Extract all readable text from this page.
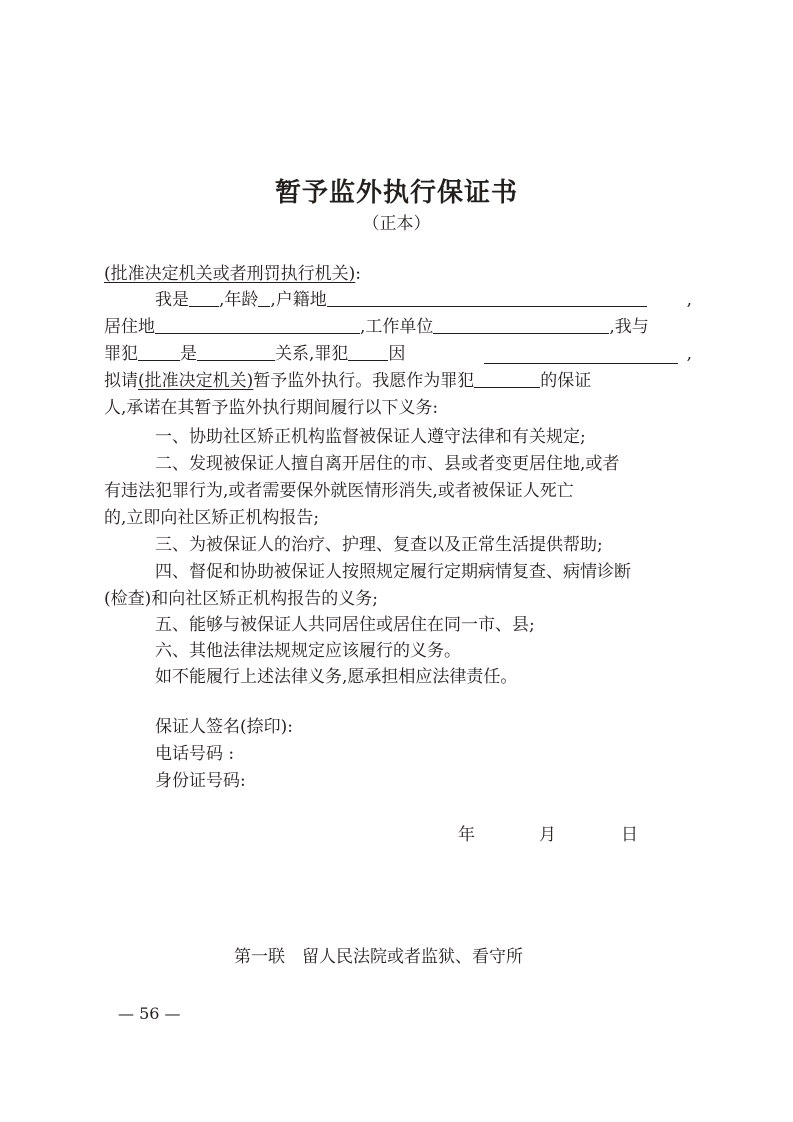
暂予监外执行保证书
（正本）
(批准决定机关或者刑罚执行机关):
我是 ,年龄 ,户籍地	,
居住地	,工作单位	,我与
罪犯 是	关系,罪犯 因	,
拟请(批准决定机关)暂予监外执行。我愿作为罪犯	的保证
人,承诺在其暂予监外执行期间履行以下义务:
一、协助社区矫正机构监督被保证人遵守法律和有关规定;
二、发现被保证人擅自离开居住的市、县或者变更居住地,或者
有违法犯罪行为,或者需要保外就医情形消失,或者被保证人死亡
的,立即向社区矫正机构报告;
三、为被保证人的治疗、护理、复查以及正常生活提供帮助;
四、督促和协助被保证人按照规定履行定期病情复查、病情诊断
(检查)和向社区矫正机构报告的义务;
五、能够与被保证人共同居住或居住在同一市、县;
六、其他法律法规规定应该履行的义务。
如不能履行上述法律义务,愿承担相应法律责任。
保证人签名(捺印):
电话号码 :
身份证号码:
年	月	日
第一联　留人民法院或者监狱、看守所
— 56 —
